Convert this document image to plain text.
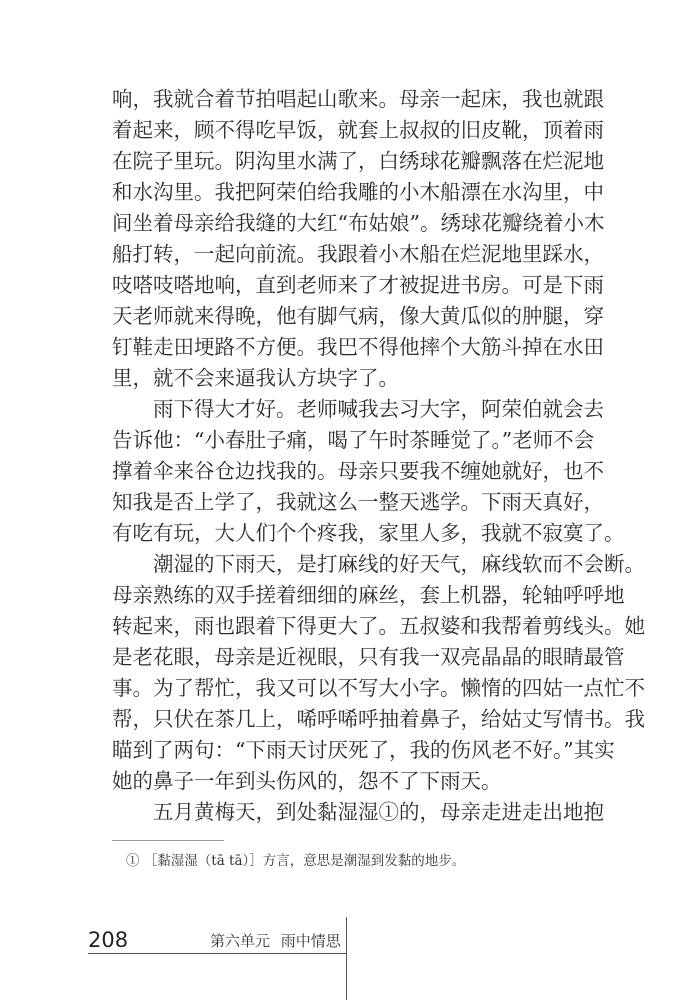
响，我就合着节拍唱起山歌来。母亲一起床，我也就跟
着起来，顾不得吃早饭，就套上叔叔的旧皮靴，顶着雨
在院子里玩。阴沟里水满了，白绣球花瓣飘落在烂泥地
和水沟里。我把阿荣伯给我雕的小木船漂在水沟里，中
间坐着母亲给我缝的大红“布姑娘”。绣球花瓣绕着小木
船打转，一起向前流。我跟着小木船在烂泥地里踩水，
吱嗒吱嗒地响，直到老师来了才被捉进书房。可是下雨
天老师就来得晚，他有脚气病，像大黄瓜似的肿腿，穿
钉鞋走田埂路不方便。我巴不得他摔个大筋斗掉在水田
里，就不会来逼我认方块字了。
　　雨下得大才好。老师喊我去习大字，阿荣伯就会去
告诉他：“小春肚子痛，喝了午时茶睡觉了。”老师不会
撑着伞来谷仓边找我的。母亲只要我不缠她就好，也不
知我是否上学了，我就这么一整天逃学。下雨天真好，
有吃有玩，大人们个个疼我，家里人多，我就不寂寞了。
　　潮湿的下雨天，是打麻线的好天气，麻线软而不会断。
母亲熟练的双手搓着细细的麻丝，套上机器，轮轴呼呼地
转起来，雨也跟着下得更大了。五叔婆和我帮着剪线头。她
是老花眼，母亲是近视眼，只有我一双亮晶晶的眼睛最管
事。为了帮忙，我又可以不写大小字。懒惰的四姑一点忙不
帮，只伏在茶几上，唏呼唏呼抽着鼻子，给姑丈写情书。我
瞄到了两句：“下雨天讨厌死了，我的伤风老不好。”其实
她的鼻子一年到头伤风的，怨不了下雨天。
　　五月黄梅天，到处黏湿湿①的，母亲走进走出地抱
① ［黏湿湿（tā tā）］方言，意思是潮湿到发黏的地步。
208	第六单元 雨中情思
